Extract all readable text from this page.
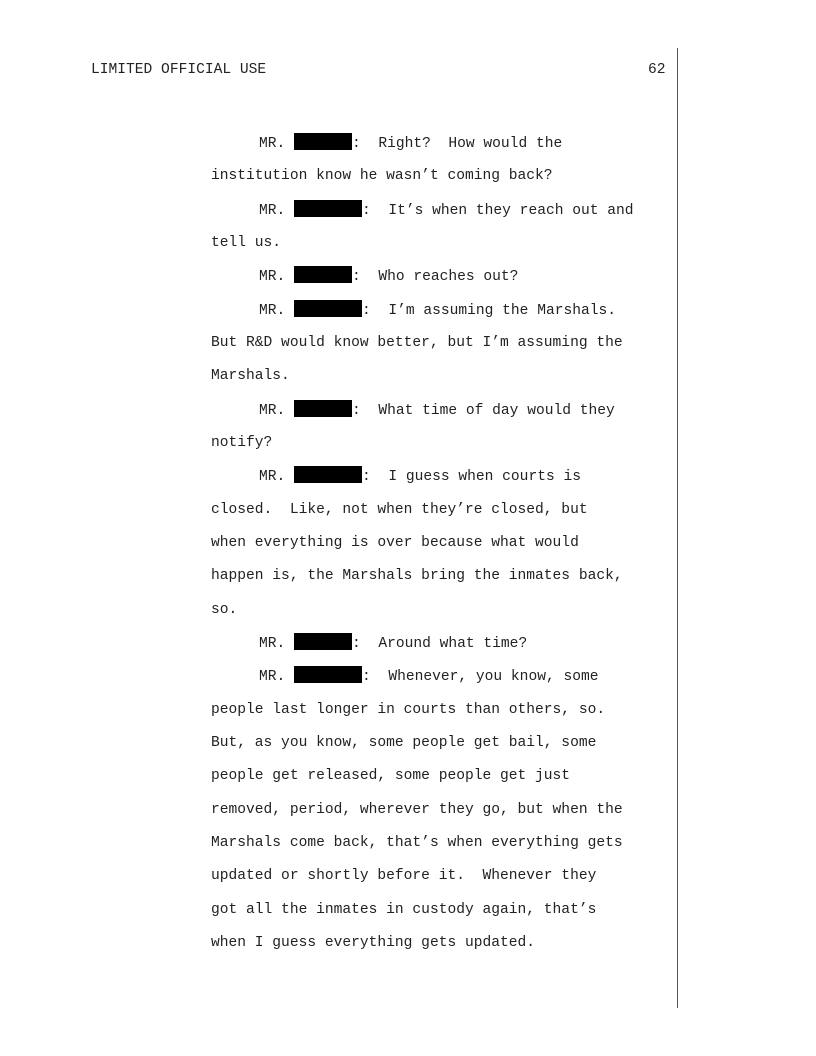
LIMITED OFFICIAL USE	62

MR.	:  Right?  How would the

institution know he wasn’t coming back?

MR.	:  It’s when they reach out and

tell us.

MR.	:  Who reaches out?

MR.	:  I’m assuming the Marshals.

But R&D would know better, but I’m assuming the

Marshals.

MR.	:  What time of day would they

notify?

MR.	:  I guess when courts is

closed.  Like, not when they’re closed, but

when everything is over because what would

happen is, the Marshals bring the inmates back,

so.

MR.	:  Around what time?

MR.	:  Whenever, you know, some

people last longer in courts than others, so.

But, as you know, some people get bail, some

people get released, some people get just

removed, period, wherever they go, but when the

Marshals come back, that’s when everything gets

updated or shortly before it.  Whenever they

got all the inmates in custody again, that’s

when I guess everything gets updated.
